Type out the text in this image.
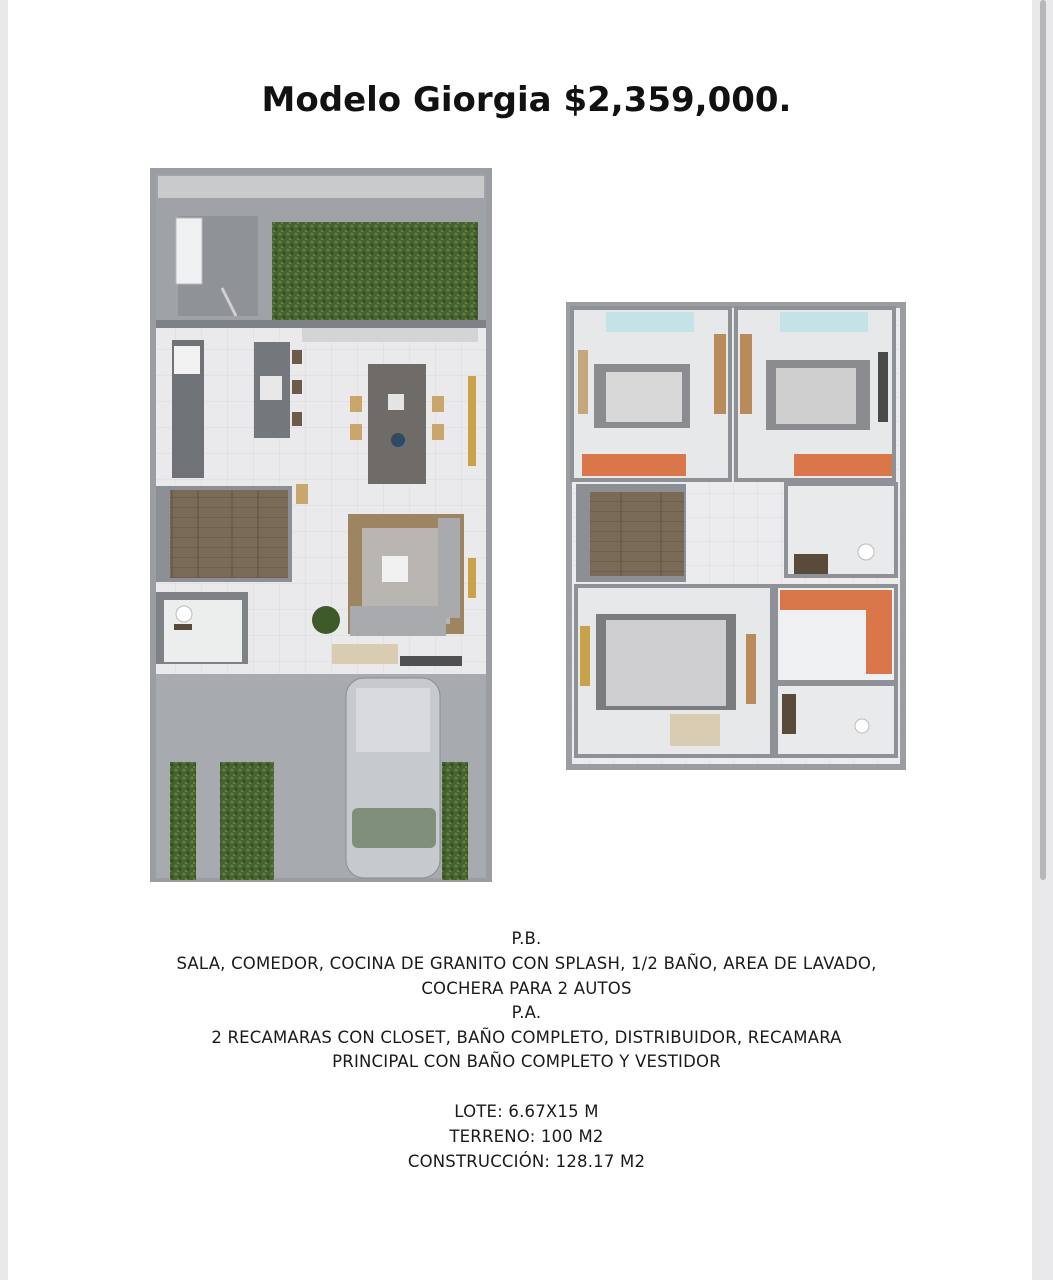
Modelo Giorgia $2,359,000.
P.B.
SALA, COMEDOR, COCINA DE GRANITO CON SPLASH, 1/2 BAÑO, AREA DE LAVADO,
COCHERA PARA 2 AUTOS
P.A.
2 RECAMARAS CON CLOSET, BAÑO COMPLETO, DISTRIBUIDOR, RECAMARA
PRINCIPAL CON BAÑO COMPLETO Y VESTIDOR
LOTE: 6.67X15 M
TERRENO: 100 M2
CONSTRUCCIÓN: 128.17 M2
